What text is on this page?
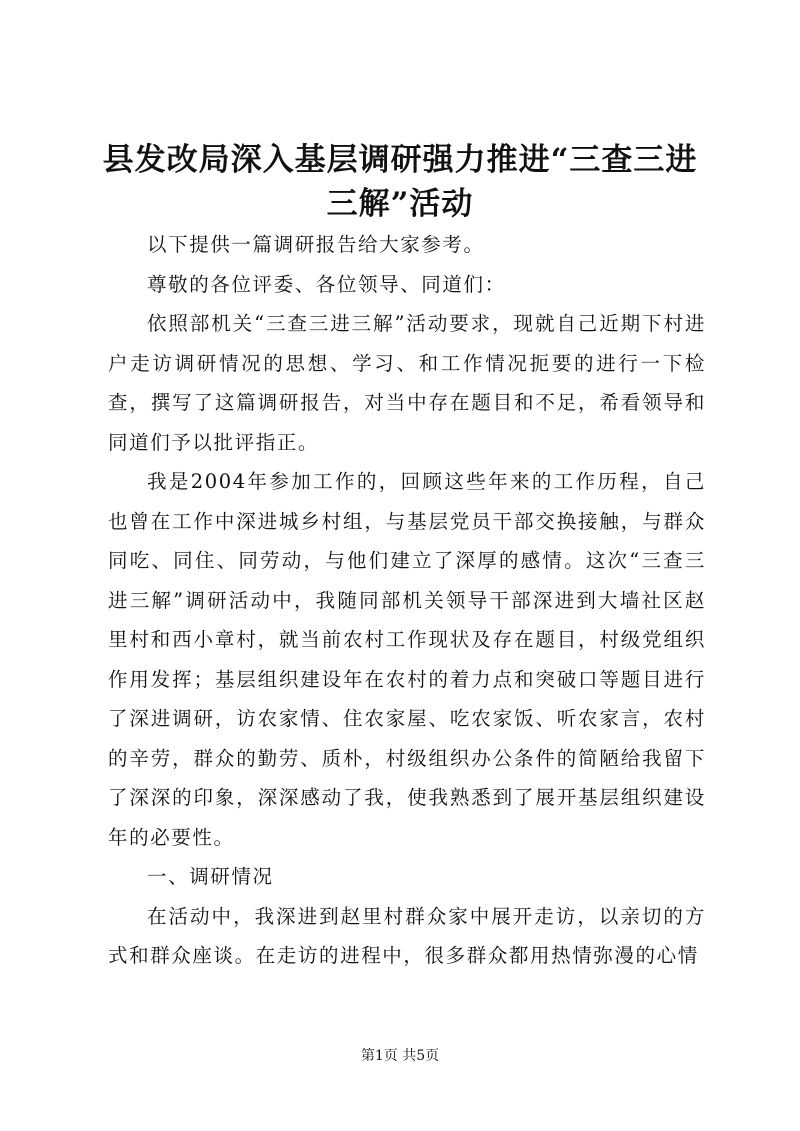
县发改局深入基层调研强力推进“三查三进三解”活动

以下提供一篇调研报告给大家参考。

尊敬的各位评委、各位领导、同道们：

依照部机关“三查三进三解”活动要求，现就自己近期下村进户走访调研情况的思想、学习、和工作情况扼要的进行一下检查，撰写了这篇调研报告，对当中存在题目和不足，希看领导和同道们予以批评指正。

我是2004年参加工作的，回顾这些年来的工作历程，自己也曾在工作中深进城乡村组，与基层党员干部交换接触，与群众同吃、同住、同劳动，与他们建立了深厚的感情。这次“三查三进三解”调研活动中，我随同部机关领导干部深进到大墙社区赵里村和西小章村，就当前农村工作现状及存在题目，村级党组织作用发挥；基层组织建设年在农村的着力点和突破口等题目进行了深进调研，访农家情、住农家屋、吃农家饭、听农家言，农村的辛劳，群众的勤劳、质朴，村级组织办公条件的简陋给我留下了深深的印象，深深感动了我，使我熟悉到了展开基层组织建设年的必要性。

一、调研情况

在活动中，我深进到赵里村群众家中展开走访，以亲切的方式和群众座谈。在走访的进程中，很多群众都用热情弥漫的心情

第1页 共5页
